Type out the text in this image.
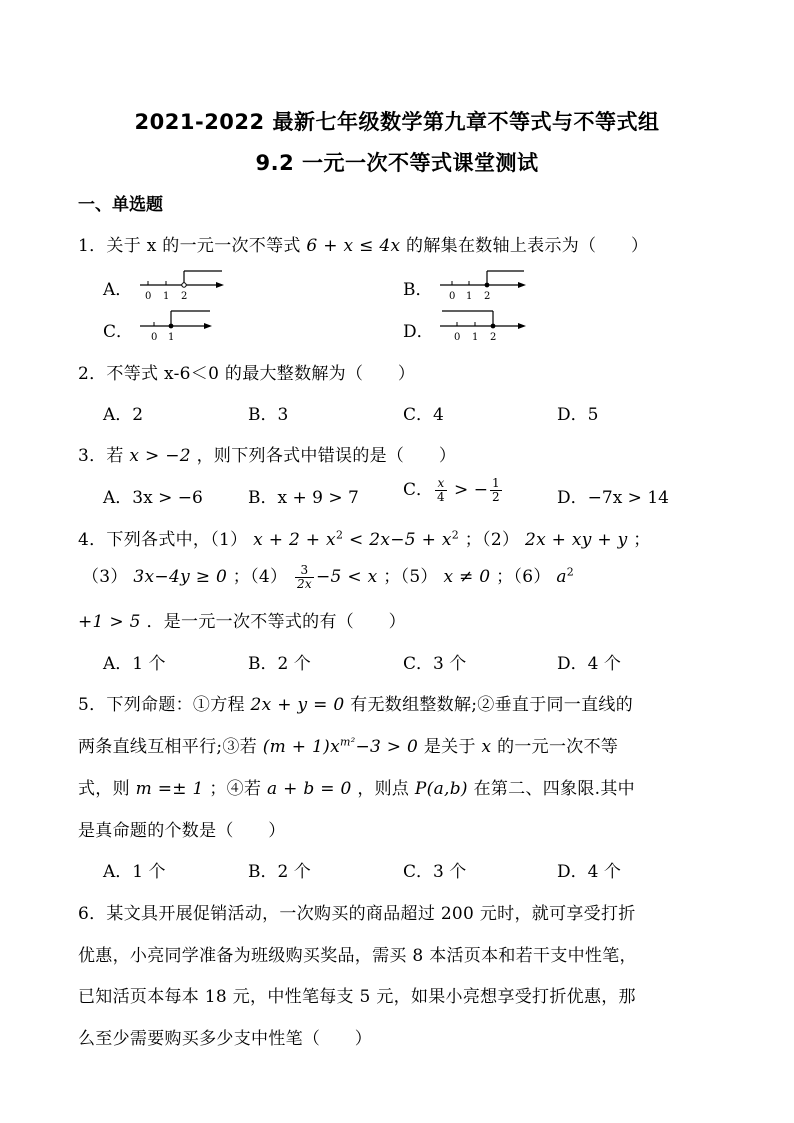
2021-2022 最新七年级数学第九章不等式与不等式组
9.2 一元一次不等式课堂测试
一、单选题
1．关于 x 的一元一次不等式 6 + x ≤ 4x 的解集在数轴上表示为（　　）
A． 0 1 2	B． 0 1 2
C． 0 1	D． 0 1 2
2．不等式 x-6＜0 的最大整数解为（　　）
A．2	B．3	C．4	D．5
3．若 x > −2 ，则下列各式中错误的是（　　）
A．3x > −6	B．x + 9 > 7	C． $\frac{x}{4}$ > − $\frac{1}{2}$	D．−7x > 14
4．下列各式中，（1） $x + 2 + x^2 < 2x-5 + x^2$ ；（2） 2x + xy + y ；
（3） 3x−4y ≥ 0 ；$(4) \frac{3}{2x} -5 < x$ ；（5） x ≠ 0 ；（6） $a^2$
+1 > 5 ．是一元一次不等式的有（　　）
A．1 个	B．2 个	C．3 个	D．4 个
5．下列命题：①方程 2x + y = 0 有无数组整数解;②垂直于同一直线的
两条直线互相平行;③若 $(m + 1)x^{m^2}-3 > 0$ 是关于 x 的一元一次不等
式，则 m =± 1 ；④若 a + b = 0 ，则点 P(a,b) 在第二、四象限.其中
是真命题的个数是（　　）
A．1 个	B．2 个	C．3 个	D．4 个
6．某文具开展促销活动，一次购买的商品超过 200 元时，就可享受打折
优惠，小亮同学准备为班级购买奖品，需买 8 本活页本和若干支中性笔，
已知活页本每本 18 元，中性笔每支 5 元，如果小亮想享受打折优惠，那
么至少需要购买多少支中性笔（　　）
